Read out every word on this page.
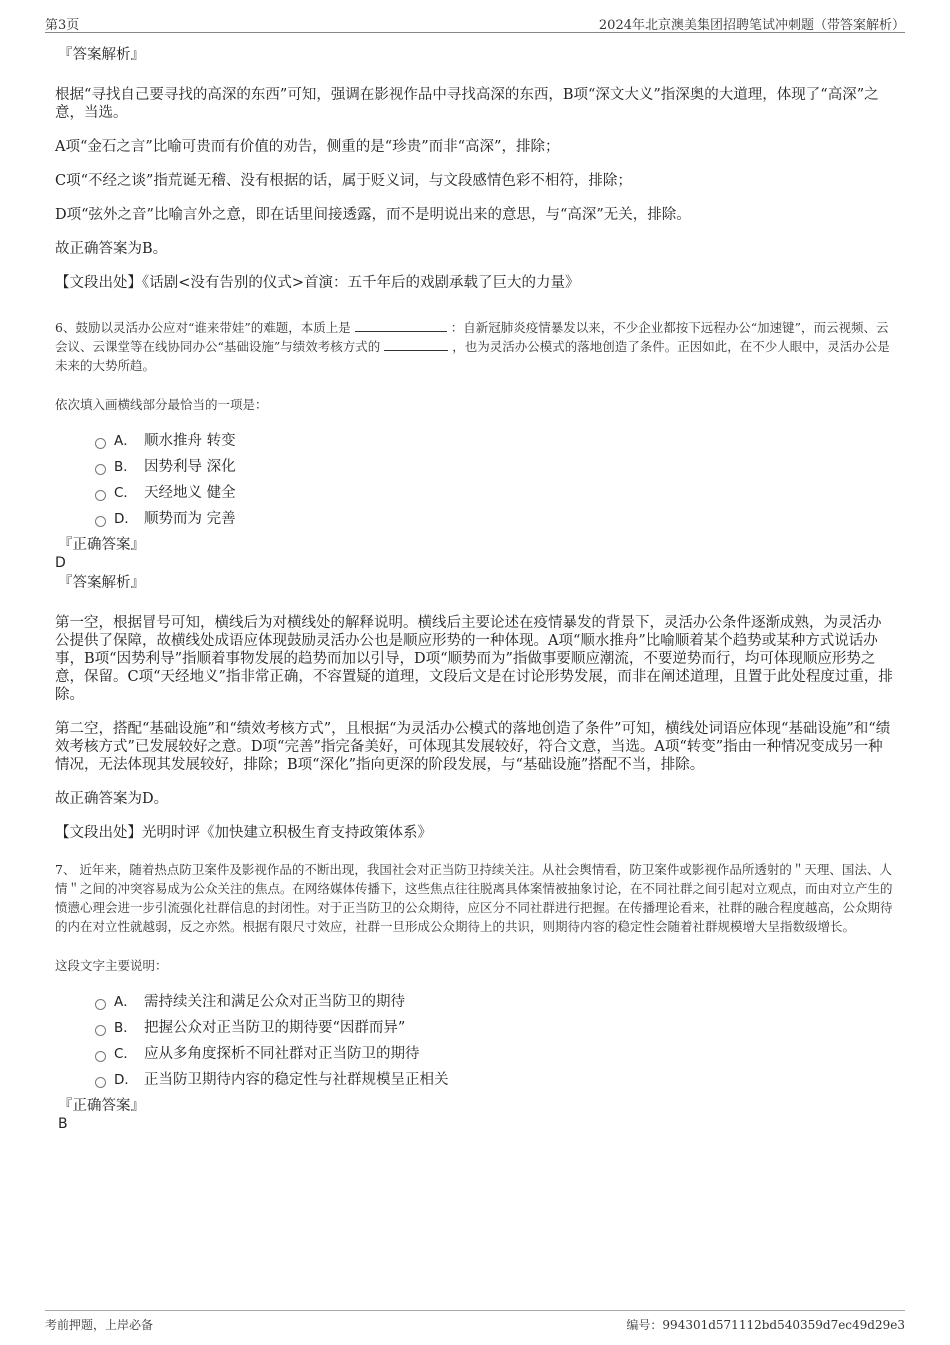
第3页	2024年北京澳美集团招聘笔试冲刺题（带答案解析）

『答案解析』

根据“寻找自己要寻找的高深的东西”可知，强调在影视作品中寻找高深的东西，B项“深文大义”指深奥的大道理，体现了“高深”之意，当选。

A项“金石之言”比喻可贵而有价值的劝告，侧重的是“珍贵”而非“高深”，排除；

C项“不经之谈”指荒诞无稽、没有根据的话，属于贬义词，与文段感情色彩不相符，排除；

D项“弦外之音”比喻言外之意，即在话里间接透露，而不是明说出来的意思，与“高深”无关，排除。

故正确答案为B。

【文段出处】《话剧<没有告别的仪式>首演：五千年后的戏剧承载了巨大的力量》

6、鼓励以灵活办公应对“谁来带娃”的难题，本质上是	：自新冠肺炎疫情暴发以来，不少企业都按下远程办公“加速键”，而云视频、云会议、云课堂等在线协同办公“基础设施”与绩效考核方式的	，也为灵活办公模式的落地创造了条件。正因如此，在不少人眼中，灵活办公是未来的大势所趋。

依次填入画横线部分最恰当的一项是：

A． 顺水推舟 转变
B． 因势利导 深化
C． 天经地义 健全
D． 顺势而为 完善

『正确答案』

D

『答案解析』

第一空，根据冒号可知，横线后为对横线处的解释说明。横线后主要论述在疫情暴发的背景下，灵活办公条件逐渐成熟，为灵活办公提供了保障，故横线处成语应体现鼓励灵活办公也是顺应形势的一种体现。A项“顺水推舟”比喻顺着某个趋势或某种方式说话办事，B项“因势利导”指顺着事物发展的趋势而加以引导，D项“顺势而为”指做事要顺应潮流，不要逆势而行，均可体现顺应形势之意，保留。C项“天经地义”指非常正确，不容置疑的道理，文段后文是在讨论形势发展，而非在阐述道理，且置于此处程度过重，排除。

第二空，搭配“基础设施”和“绩效考核方式”，且根据“为灵活办公模式的落地创造了条件”可知，横线处词语应体现“基础设施”和“绩效考核方式”已发展较好之意。D项“完善”指完备美好，可体现其发展较好，符合文意，当选。A项“转变”指由一种情况变成另一种情况，无法体现其发展较好，排除；B项“深化”指向更深的阶段发展，与“基础设施”搭配不当，排除。

故正确答案为D。

【文段出处】光明时评《加快建立积极生育支持政策体系》

7、 近年来，随着热点防卫案件及影视作品的不断出现，我国社会对正当防卫持续关注。从社会舆情看，防卫案件或影视作品所透射的＂天理、国法、人情＂之间的冲突容易成为公众关注的焦点。在网络媒体传播下，这些焦点往往脱离具体案情被抽象讨论，在不同社群之间引起对立观点，而由对立产生的愤懑心理会进一步引流强化社群信息的封闭性。对于正当防卫的公众期待，应区分不同社群进行把握。在传播理论看来，社群的融合程度越高，公众期待的内在对立性就越弱，反之亦然。根据有限尺寸效应，社群一旦形成公众期待上的共识，则期待内容的稳定性会随着社群规模增大呈指数级增长。

这段文字主要说明：

A． 需持续关注和满足公众对正当防卫的期待
B． 把握公众对正当防卫的期待要“因群而异”
C． 应从多角度探析不同社群对正当防卫的期待
D． 正当防卫期待内容的稳定性与社群规模呈正相关

『正确答案』

B

考前押题，上岸必备	编号：994301d571112bd540359d7ec49d29e3
